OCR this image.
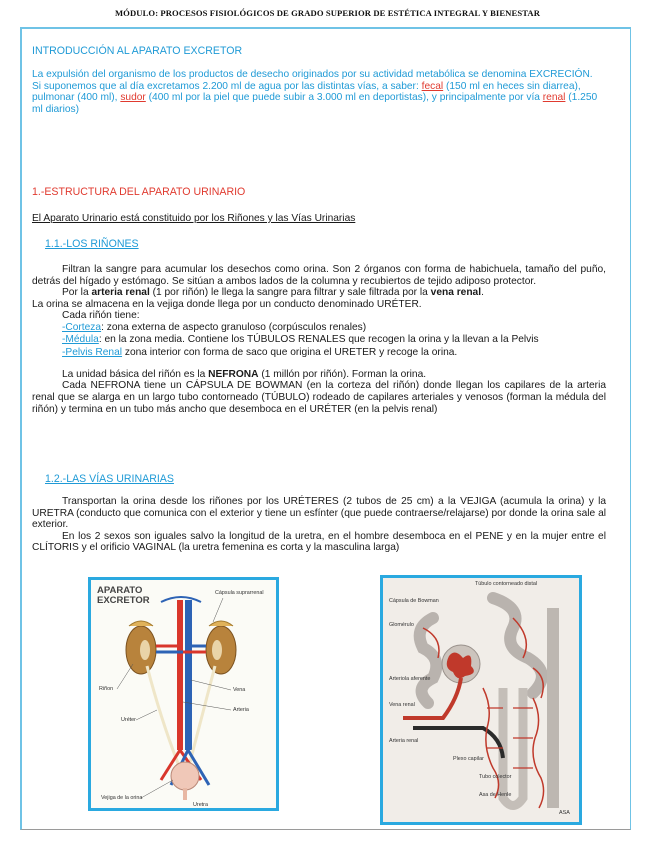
MÓDULO: PROCESOS FISIOLÓGICOS DE GRADO SUPERIOR DE ESTÉTICA INTEGRAL Y BIENESTAR
INTRODUCCIÓN AL APARATO EXCRETOR

La expulsión del organismo de los productos de desecho originados por su actividad metabólica se denomina EXCRECIÓN.

Si suponemos que al día excretamos 2.200 ml de agua por las distintas vías, a saber: fecal (150 ml en heces sin diarrea), pulmonar (400 ml), sudor (400 ml por la piel que puede subir a 3.000 ml en deportistas), y principalmente por vía renal (1.250 ml diarios)

1.-ESTRUCTURA DEL APARATO URINARIO
El Aparato Urinario está constituido por los Riñones y las Vías Urinarias
1.1.-LOS RIÑONES

Filtran la sangre para acumular los desechos como orina. Son 2 órganos con forma de habichuela, tamaño del puño, detrás del hígado y estómago. Se sitúan a ambos lados de la columna y recubiertos de tejido adiposo protector.

Por la arteria renal (1 por riñón) le llega la sangre para filtrar y sale filtrada por la vena renal.

La orina se almacena en la vejiga donde llega por un conducto denominado URÉTER.

Cada riñón tiene:

-Corteza: zona externa de aspecto granuloso (corpúsculos renales)

-Médula: en la zona media. Contiene los TÚBULOS RENALES que recogen la orina y la llevan a la Pelvis

-Pelvis Renal zona interior con forma de saco que origina el URETER y recoge la orina.

La unidad básica del riñón es la NEFRONA (1 millón por riñón). Forman la orina.

Cada NEFRONA tiene un CÁPSULA DE BOWMAN (en la corteza del riñón) donde llegan los capilares de la arteria renal que se alarga en un largo tubo contorneado (TÚBULO) rodeado de capilares arteriales y venosos (forman la médula del riñón) y termina en un tubo más ancho que desemboca en el URÉTER (en la pelvis renal)

1.2.-LAS VÍAS URINARIAS

Transportan la orina desde los riñones por los URÉTERES (2 tubos de 25 cm) a la VEJIGA (acumula la orina) y la URETRA (conducto que comunica con el exterior y tiene un esfínter (que puede contraerse/relajarse) por donde la orina sale al exterior.

En los 2 sexos son iguales salvo la longitud de la uretra, en el hombre desemboca en el PENE y en la mujer entre el CLÍTORIS y el orificio VAGINAL (la uretra femenina es corta y la masculina larga)

APARATO EXCRETOR
Cápsula suprarrenal
Riñon	Vena
Uréter
Arteria
Vejiga de la orina
Uretra
Túbulo contorneado distal
Cápsula de Bowman
Glomérulo
Arteriola aferente
Vena renal
Arteria renal
Plexo capilar
Tubo colector
Asa de Henle
ASA
